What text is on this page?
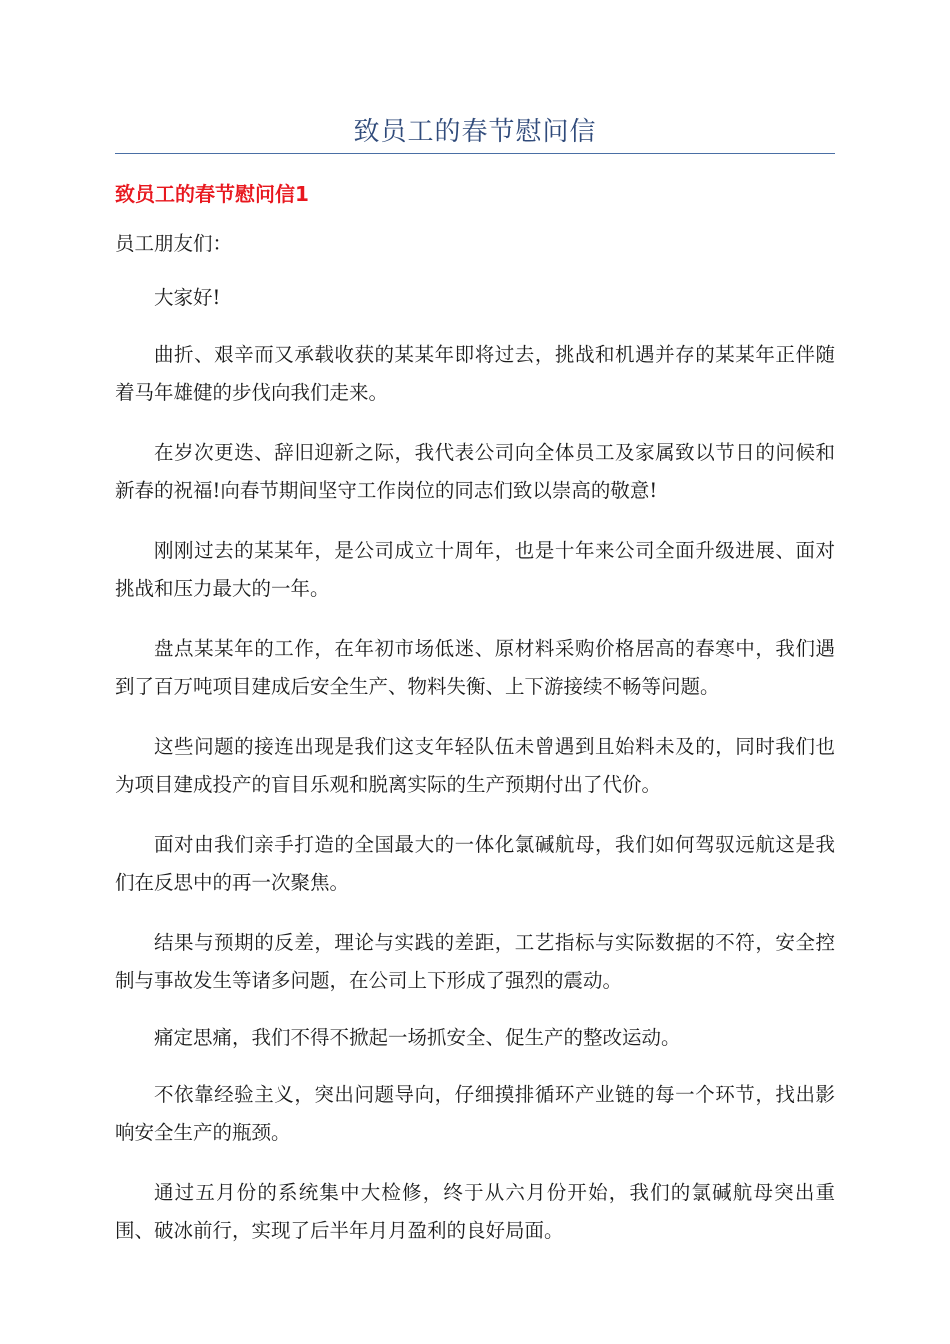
致员工的春节慰问信
致员工的春节慰问信1

员工朋友们：

大家好!

曲折、艰辛而又承载收获的某某年即将过去，挑战和机遇并存的某某年正伴随着马年雄健的步伐向我们走来。

在岁次更迭、辞旧迎新之际，我代表公司向全体员工及家属致以节日的问候和新春的祝福!向春节期间坚守工作岗位的同志们致以崇高的敬意!

刚刚过去的某某年，是公司成立十周年，也是十年来公司全面升级进展、面对挑战和压力最大的一年。

盘点某某年的工作，在年初市场低迷、原材料采购价格居高的春寒中，我们遇到了百万吨项目建成后安全生产、物料失衡、上下游接续不畅等问题。

这些问题的接连出现是我们这支年轻队伍未曾遇到且始料未及的，同时我们也为项目建成投产的盲目乐观和脱离实际的生产预期付出了代价。

面对由我们亲手打造的全国最大的一体化氯碱航母，我们如何驾驭远航这是我们在反思中的再一次聚焦。

结果与预期的反差，理论与实践的差距，工艺指标与实际数据的不符，安全控制与事故发生等诸多问题，在公司上下形成了强烈的震动。

痛定思痛，我们不得不掀起一场抓安全、促生产的整改运动。

不依靠经验主义，突出问题导向，仔细摸排循环产业链的每一个环节，找出影响安全生产的瓶颈。

通过五月份的系统集中大检修，终于从六月份开始，我们的氯碱航母突出重围、破冰前行，实现了后半年月月盈利的良好局面。
